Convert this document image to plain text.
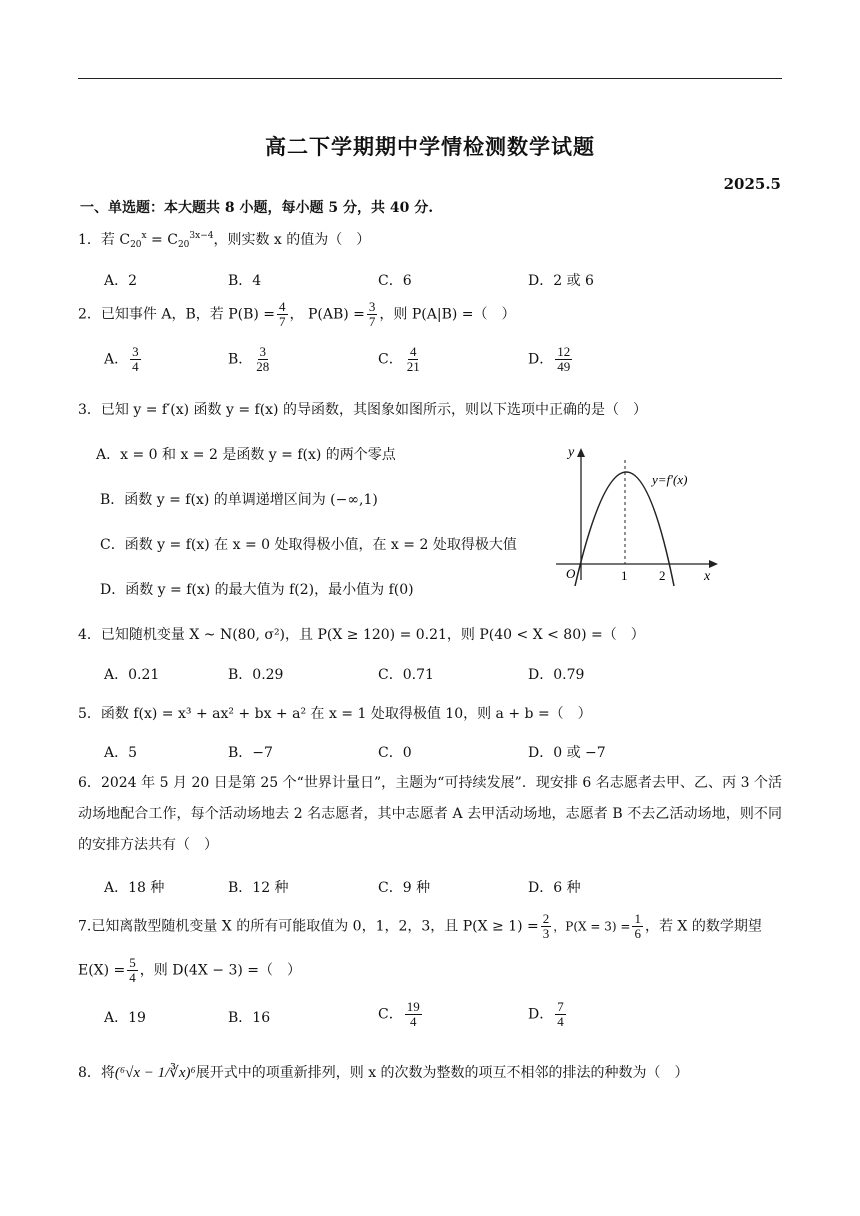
高二下学期期中学情检测数学试题
2025.5
一、单选题：本大题共 8 小题，每小题 5 分，共 40 分.
1．若 $C_{20}^x = C_{20}^{3x-4}$，则实数 x 的值为（　）
A．2	B．4	C．6	D．2 或 6
2．已知事件 A，B，若 $P(B) = \frac{4}{7}$ ， $P(AB) = \frac{3}{7}$ ，则 P(A|B) =（　）
A． $\frac{3}{4}$	B． $\frac{3}{28}$	C． $\frac{4}{21}$	D． $\frac{12}{49}$
3．已知 y = f′(x) 函数 y = f(x) 的导函数，其图象如图所示，则以下选项中正确的是（　）
A．x = 0 和 x = 2 是函数 y = f(x) 的两个零点
B．函数 y = f(x) 的单调递增区间为 (−∞,1)
C．函数 y = f(x) 在 x = 0 处取得极小值，在 x = 2 处取得极大值
D．函数 y = f(x) 的最大值为 f(2)，最小值为 f(0)
y
x
O	1 2
y=f′(x)
4．已知随机变量 X ~ N(80, σ²)，且 P(X ≥ 120) = 0.21，则 P(40 < X < 80) =（　）
A．0.21	B．0.29	C．0.71	D．0.79
5．函数 f(x) = x³ + ax² + bx + a² 在 x = 1 处取得极值 10，则 a + b =（　）
A．5	B．−7	C．0	D．0 或 −7
6．2024 年 5 月 20 日是第 25 个“世界计量日”，主题为“可持续发展”．现安排 6 名志愿者去甲、乙、丙 3 个活动场地配合工作，每个活动场地去 2 名志愿者，其中志愿者 A 去甲活动场地，志愿者 B 不去乙活动场地，则不同的安排方法共有（　）
A．18 种	B．12 种	C．9 种	D．6 种
7.已知离散型随机变量 X 的所有可能取值为 0，1，2，3，且 $P(X \ge 1) = \frac{2}{3}$ ，$P(X = 3) = \frac{1}{6}$ ，若 X 的数学期望
$E(X) = \frac{5}{4}$ ，则 D(4X − 3) =（　）
A．19	B．16	C． $\frac{19}{4}$	D． $\frac{7}{4}$
8．将(⁶√x − 1/∛x)⁶展开式中的项重新排列，则 x 的次数为整数的项互不相邻的排法的种数为（　）
